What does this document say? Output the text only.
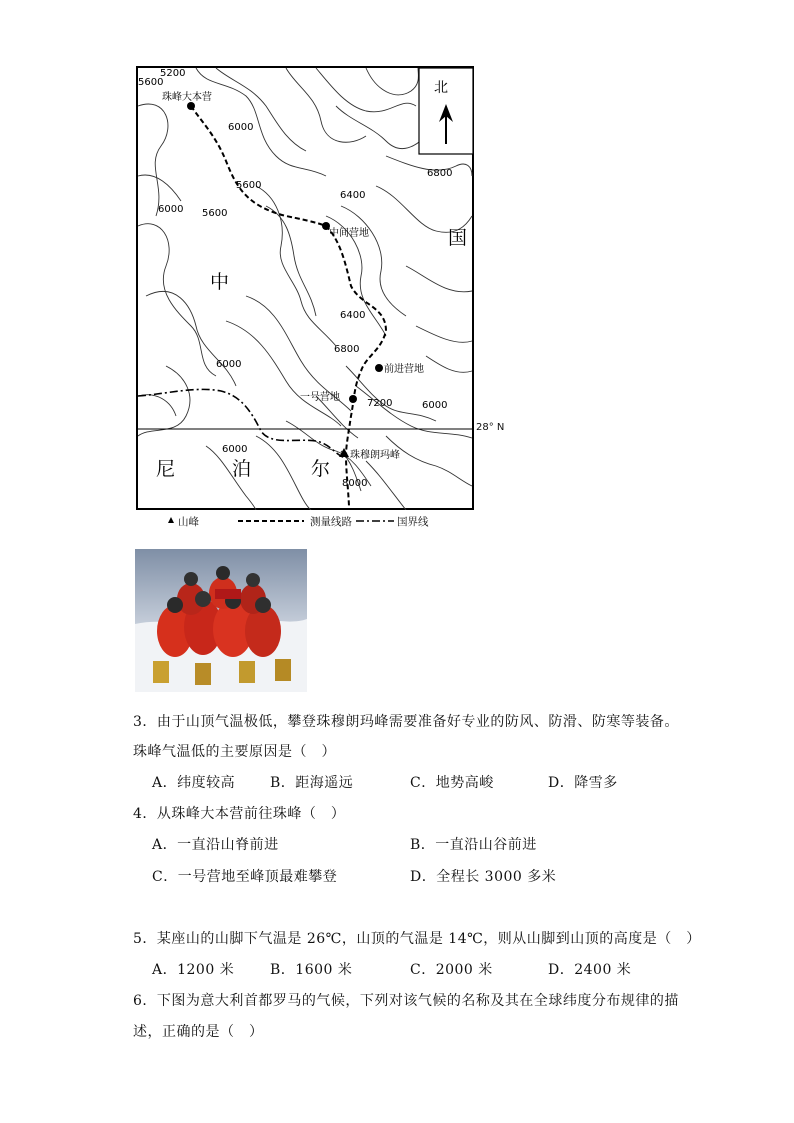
5600
5200
6000
5600
6400
6800
6000 5600
6400
6800
6000
7200	6000
6000
8000
珠峰大本营
中间营地
前进营地
一号营地
珠穆朗玛峰
北
中
国
尼	泊	尔
28° N
山峰	测量线路	国界线
3．由于山顶气温极低，攀登珠穆朗玛峰需要准备好专业的防风、防滑、防寒等装备。
珠峰气温低的主要原因是（　）
A．纬度较高 B．距海遥远	C．地势高峻	D．降雪多
4．从珠峰大本营前往珠峰（　）
A．一直沿山脊前进	B．一直沿山谷前进
C．一号营地至峰顶最难攀登	D．全程长 3000 多米
5．某座山的山脚下气温是 26℃，山顶的气温是 14℃，则从山脚到山顶的高度是（　）
A．1200 米	B．1600 米	C．2000 米	D．2400 米
6．下图为意大利首都罗马的气候，下列对该气候的名称及其在全球纬度分布规律的描
述，正确的是（　）
